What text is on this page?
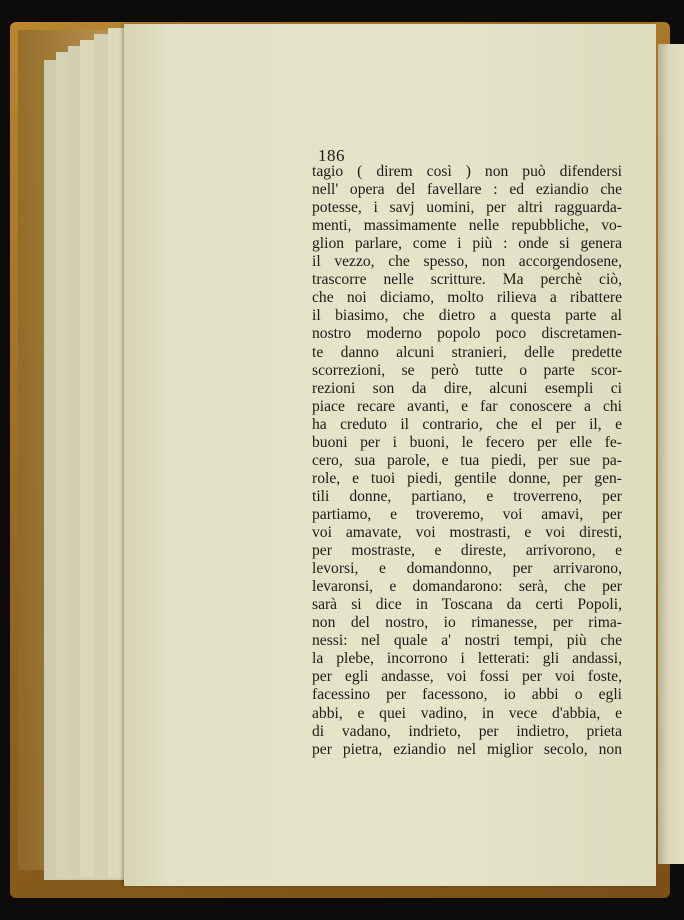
186
tagio ( direm così ) non può difendersi
nell' opera del favellare : ed eziandio che
potesse, i savj uomini, per altri ragguarda-
menti, massimamente nelle repubbliche, vo-
glion parlare, come i più : onde si genera
il vezzo, che spesso, non accorgendosene,
trascorre nelle scritture. Ma perchè ciò,
che noi diciamo, molto rilieva a ribattere
il biasimo, che dietro a questa parte al
nostro moderno popolo poco discretamen-
te danno alcuni stranieri, delle predette
scorrezioni, se però tutte o parte scor-
rezioni son da dire, alcuni esempli ci
piace recare avanti, e far conoscere a chi
ha creduto il contrario, che el per il, e
buoni per i buoni, le fecero per elle fe-
cero, sua parole, e tua piedi, per sue pa-
role, e tuoi piedi, gentile donne, per gen-
tili donne, partiano, e troverreno, per
partiamo, e troveremo, voi amavi, per
voi amavate, voi mostrasti, e voi diresti,
per mostraste, e direste, arrivorono, e
levorsi, e domandonno, per arrivarono,
levaronsi, e domandarono: serà, che per
sarà si dice in Toscana da certi Popoli,
non del nostro, io rimanesse, per rima-
nessi: nel quale a' nostri tempi, più che
la plebe, incorrono i letterati: gli andassi,
per egli andasse, voi fossi per voi foste,
facessino per facessono, io abbi o egli
abbi, e quei vadino, in vece d'abbia, e
di vadano, indrieto, per indietro, prieta
per pietra, eziandio nel miglior secolo, non
